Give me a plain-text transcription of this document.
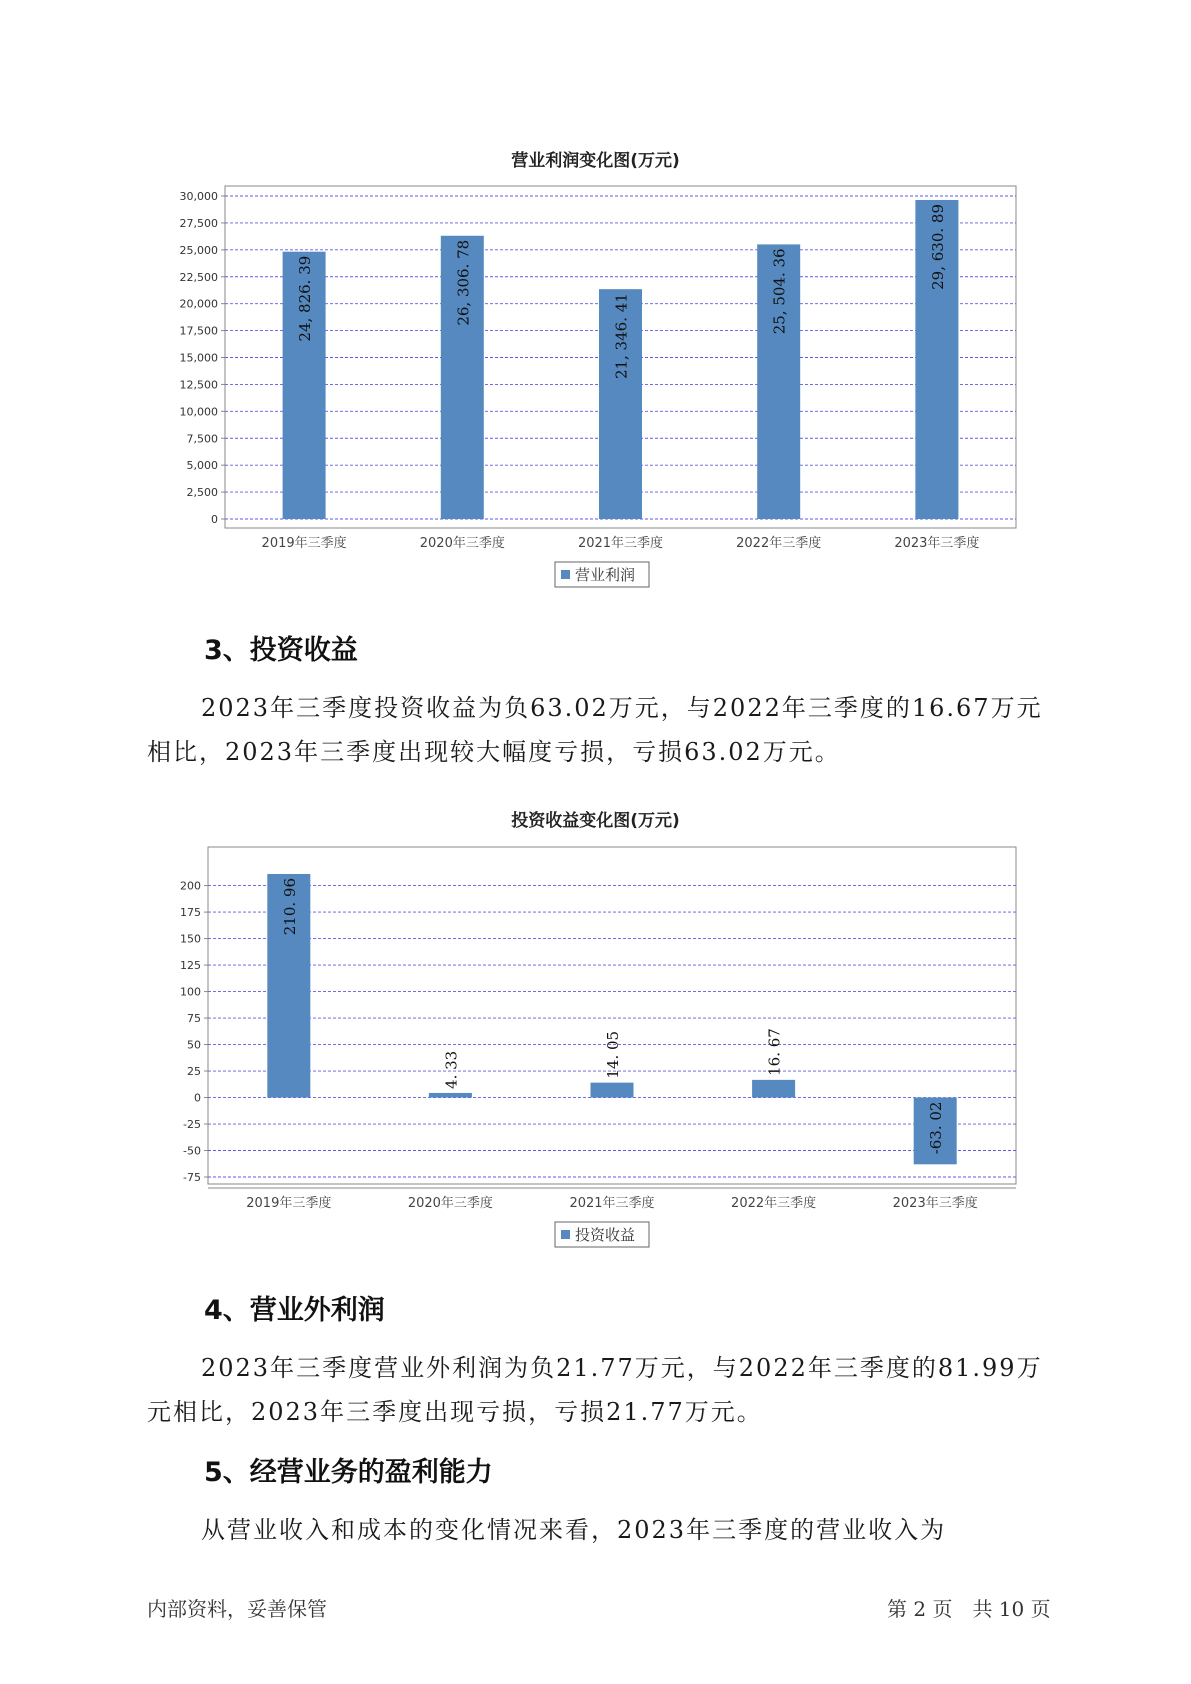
营业利润变化图(万元)
0
2,500
5,000
7,500
10,000
12,500
15,000
17,500
20,000
22,500
25,000
27,500
30,000
24, 826. 39
2019年三季度
26, 306. 78
2020年三季度
21, 346. 41
2021年三季度
25, 504. 36
2022年三季度
29, 630. 89
2023年三季度
营业利润
3、投资收益

2023年三季度投资收益为负63.02万元，与2022年三季度的16.67万元

相比，2023年三季度出现较大幅度亏损，亏损63.02万元。

投资收益变化图(万元)
-75
-50
-25
0
25
50
75
100
125
150
175
200	210. 96
2019年三季度
4. 33
2020年三季度
14. 05
2021年三季度
16. 67
2022年三季度
-63. 02
2023年三季度
投资收益
4、营业外利润

2023年三季度营业外利润为负21.77万元，与2022年三季度的81.99万

元相比，2023年三季度出现亏损，亏损21.77万元。

5、经营业务的盈利能力

从营业收入和成本的变化情况来看，2023年三季度的营业收入为

内部资料，妥善保管	第 2 页　共 10 页
